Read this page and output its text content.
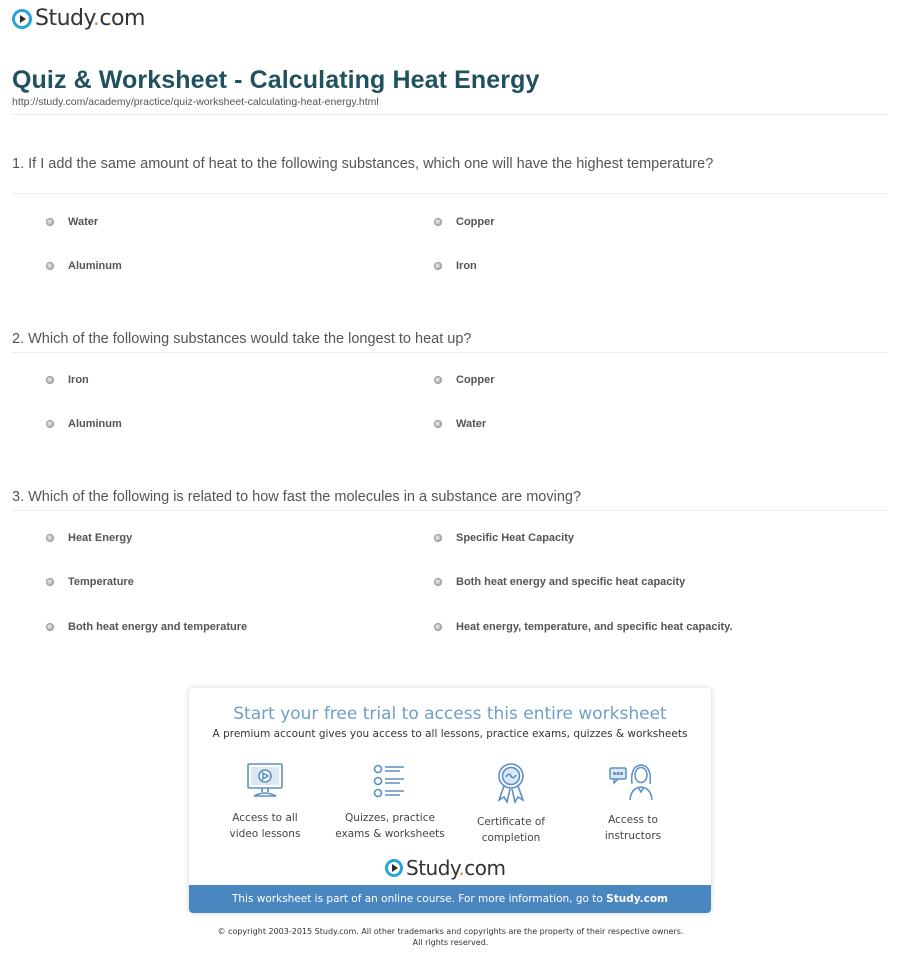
Study.com
Quiz & Worksheet - Calculating Heat Energy
http://study.com/academy/practice/quiz-worksheet-calculating-heat-energy.html
1. If I add the same amount of heat to the following substances, which one will have the highest temperature?
Water	Copper
Aluminum	Iron
2. Which of the following substances would take the longest to heat up?
Iron	Copper
Aluminum	Water
3. Which of the following is related to how fast the molecules in a substance are moving?
Heat Energy	Specific Heat Capacity
Temperature	Both heat energy and specific heat capacity
Both heat energy and temperature	Heat energy, temperature, and specific heat capacity.
Start your free trial to access this entire worksheet
A premium account gives you access to all lessons, practice exams, quizzes & worksheets
Access to all
video lessons
Quizzes, practice
exams & worksheets
Certificate of
completion
Access to
instructors
Study.com
This worksheet is part of an online course. For more information, go to Study.com
© copyright 2003-2015 Study.com. All other trademarks and copyrights are the property of their respective owners.
All rights reserved.
